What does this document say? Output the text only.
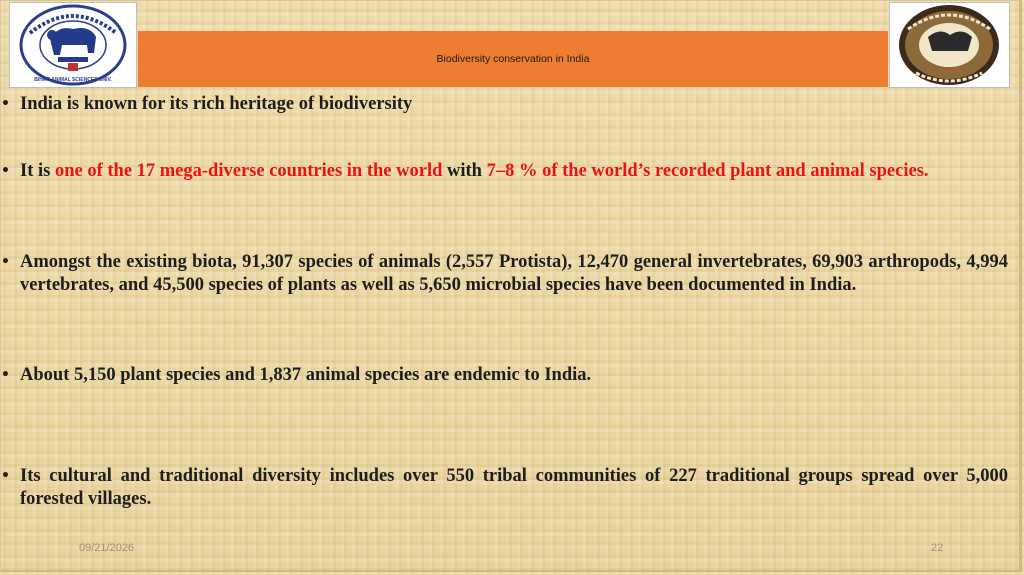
BIHAR ANIMAL SCIENCES UNIV.
Biodiversity conservation in India
• India is known for its rich heritage of biodiversity
• It is one of the 17 mega-diverse countries in the world with 7–8 % of the world’s recorded plant and animal species.
• Amongst the existing biota, 91,307 species of animals (2,557 Protista), 12,470 general invertebrates, 69,903 arthropods, 4,994 vertebrates, and 45,500 species of plants as well as 5,650 microbial species have been documented in India.
• About 5,150 plant species and 1,837 animal species are endemic to India.
• Its cultural and traditional diversity includes over 550 tribal communities of 227 traditional groups spread over 5,000 forested villages.
09/21/2026	22
